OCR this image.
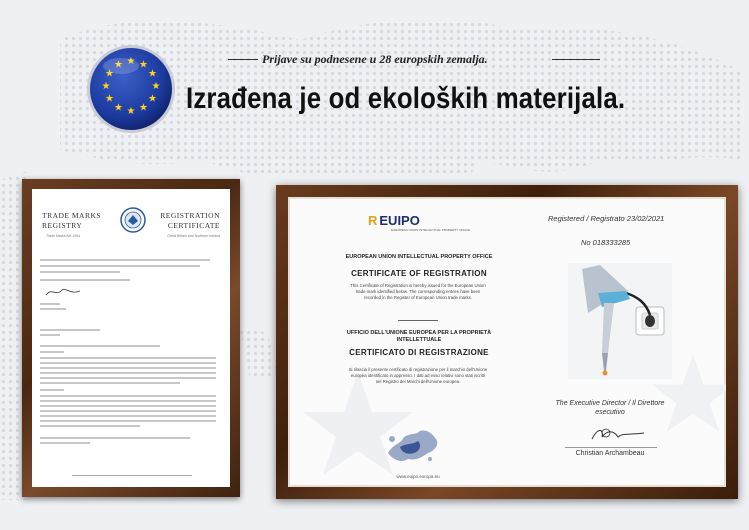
Prijave su podnesene u 28 europskih zemalja.
★ ★
★
★
★
★
★
★
★
★
★
★
Izrađena je od ekoloških materijala.
TRADE MARKS REGISTRY
REGISTRATION CERTIFICATE
Trade Marks Act 1994	Great Britain and Northern Ireland
R EUIPO
EUROPEAN UNION INTELLECTUAL PROPERTY OFFICE
Registered / Registrato 23/02/2021
No 018333285
EUROPEAN UNION INTELLECTUAL PROPERTY OFFICE
CERTIFICATE OF REGISTRATION
This Certificate of Registration is hereby issued for the European Union trade mark identified below. The corresponding entries have been recorded in the Register of European Union trade marks.
UFFICIO DELL'UNIONE EUROPEA PER LA PROPRIETÀ INTELLETTUALE
CERTIFICATO DI REGISTRAZIONE
Si rilascia il presente certificato di registrazione per il marchio dell'Unione europea identificato in appresso. I dati ad esso relativi sono stati iscritti nel Registro dei Marchi dell'Unione europea.
www.euipo.europa.eu
The Executive Director / Il Direttore esecutivo
Christian Archambeau
